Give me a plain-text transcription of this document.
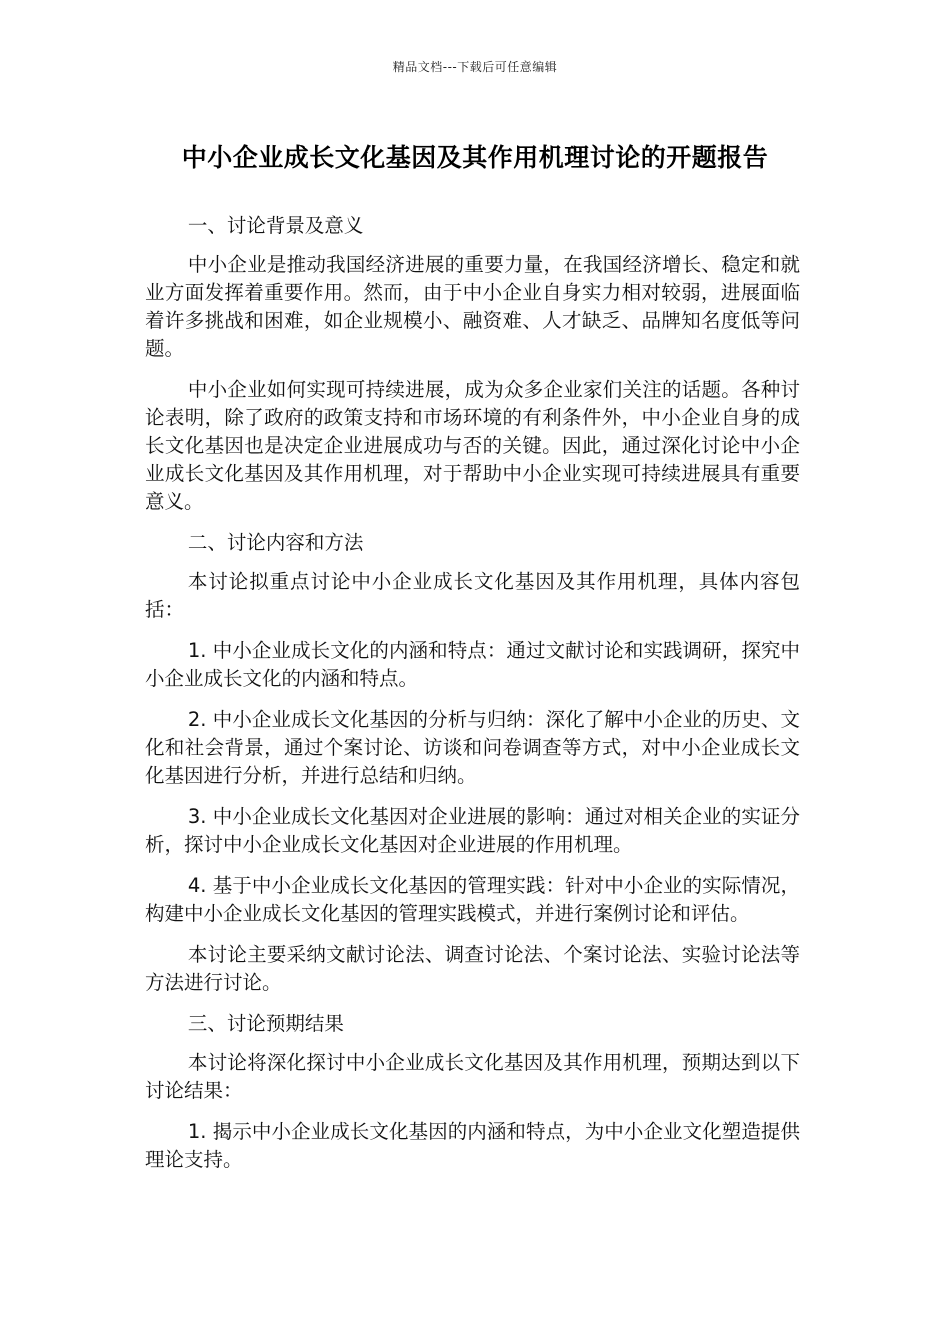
精品文档---下载后可任意编辑
中小企业成长文化基因及其作用机理讨论的开题报告

一、讨论背景及意义

中小企业是推动我国经济进展的重要力量，在我国经济增长、稳定和就业方面发挥着重要作用。然而，由于中小企业自身实力相对较弱，进展面临着许多挑战和困难，如企业规模小、融资难、人才缺乏、品牌知名度低等问题。

中小企业如何实现可持续进展，成为众多企业家们关注的话题。各种讨论表明，除了政府的政策支持和市场环境的有利条件外，中小企业自身的成长文化基因也是决定企业进展成功与否的关键。因此，通过深化讨论中小企业成长文化基因及其作用机理，对于帮助中小企业实现可持续进展具有重要意义。

二、讨论内容和方法

本讨论拟重点讨论中小企业成长文化基因及其作用机理，具体内容包括：

1. 中小企业成长文化的内涵和特点：通过文献讨论和实践调研，探究中小企业成长文化的内涵和特点。

2. 中小企业成长文化基因的分析与归纳：深化了解中小企业的历史、文化和社会背景，通过个案讨论、访谈和问卷调查等方式，对中小企业成长文化基因进行分析，并进行总结和归纳。

3. 中小企业成长文化基因对企业进展的影响：通过对相关企业的实证分析，探讨中小企业成长文化基因对企业进展的作用机理。

4. 基于中小企业成长文化基因的管理实践：针对中小企业的实际情况，构建中小企业成长文化基因的管理实践模式，并进行案例讨论和评估。

本讨论主要采纳文献讨论法、调查讨论法、个案讨论法、实验讨论法等方法进行讨论。

三、讨论预期结果

本讨论将深化探讨中小企业成长文化基因及其作用机理，预期达到以下讨论结果：

1. 揭示中小企业成长文化基因的内涵和特点，为中小企业文化塑造提供理论支持。
